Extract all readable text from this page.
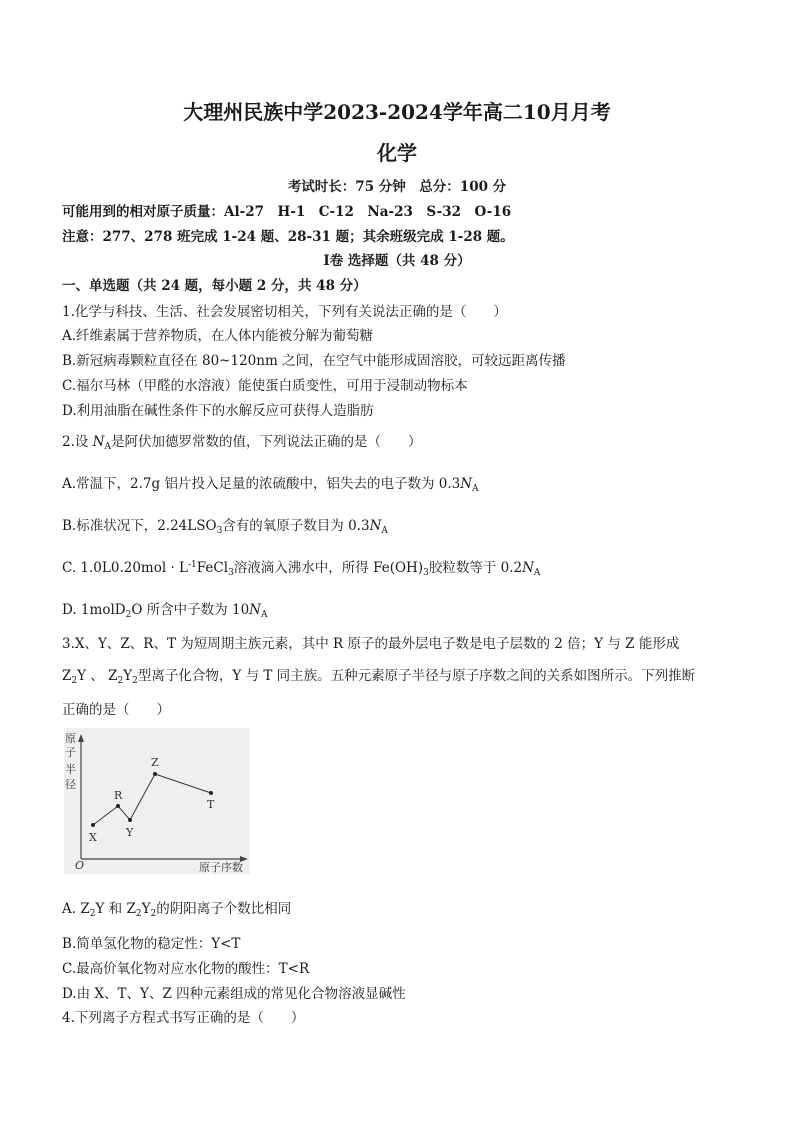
大理州民族中学2023-2024学年高二10月月考
化学
考试时长：75 分钟　总分：100 分
可能用到的相对原子质量：Al-27　H-1　C-12　Na-23　S-32　O-16
注意：277、278 班完成 1-24 题、28-31 题；其余班级完成 1-28 题。
Ⅰ卷 选择题（共 48 分）
一、单选题（共 24 题，每小题 2 分，共 48 分）
1.化学与科技、生活、社会发展密切相关，下列有关说法正确的是（　　）
A.纤维素属于营养物质，在人体内能被分解为葡萄糖
B.新冠病毒颗粒直径在 80~120nm 之间，在空气中能形成固溶胶，可较远距离传播
C.福尔马林（甲醛的水溶液）能使蛋白质变性，可用于浸制动物标本
D.利用油脂在碱性条件下的水解反应可获得人造脂肪
2.设 $N_A$是阿伏加德罗常数的值，下列说法正确的是（　　）
A.常温下，2.7g 铝片投入足量的浓硫酸中，铝失去的电子数为 $0.3N_A$
B.标准状况下，$2.24LSO_3$含有的氧原子数目为 $0.3N_A$
C. $1.0L0.20mol \cdot L^{-1}FeCl_3$溶液滴入沸水中，所得 $Fe(OH)_3$胶粒数等于 $0.2N_A$
D. 1molD$_2$O 所含中子数为 $10N_A$
3.X、Y、Z、R、T 为短周期主族元素，其中 R 原子的最外层电子数是电子层数的 2 倍；Y 与 Z 能形成
$Z_2Y$ 、 $Z_2Y_2$型离子化合物，Y 与 T 同主族。五种元素原子半径与原子序数之间的关系如图所示。下列推断
正确的是（　　）
原
子
半
径
O	原子序数
X
R
Y
Z
T
A. $Z_2Y$ 和 $Z_2Y_2$的阴阳离子个数比相同
B.简单氢化物的稳定性：Y<T
C.最高价氧化物对应水化物的酸性：T<R
D.由 X、T、Y、Z 四种元素组成的常见化合物溶液显碱性
4.下列离子方程式书写正确的是（　　）
